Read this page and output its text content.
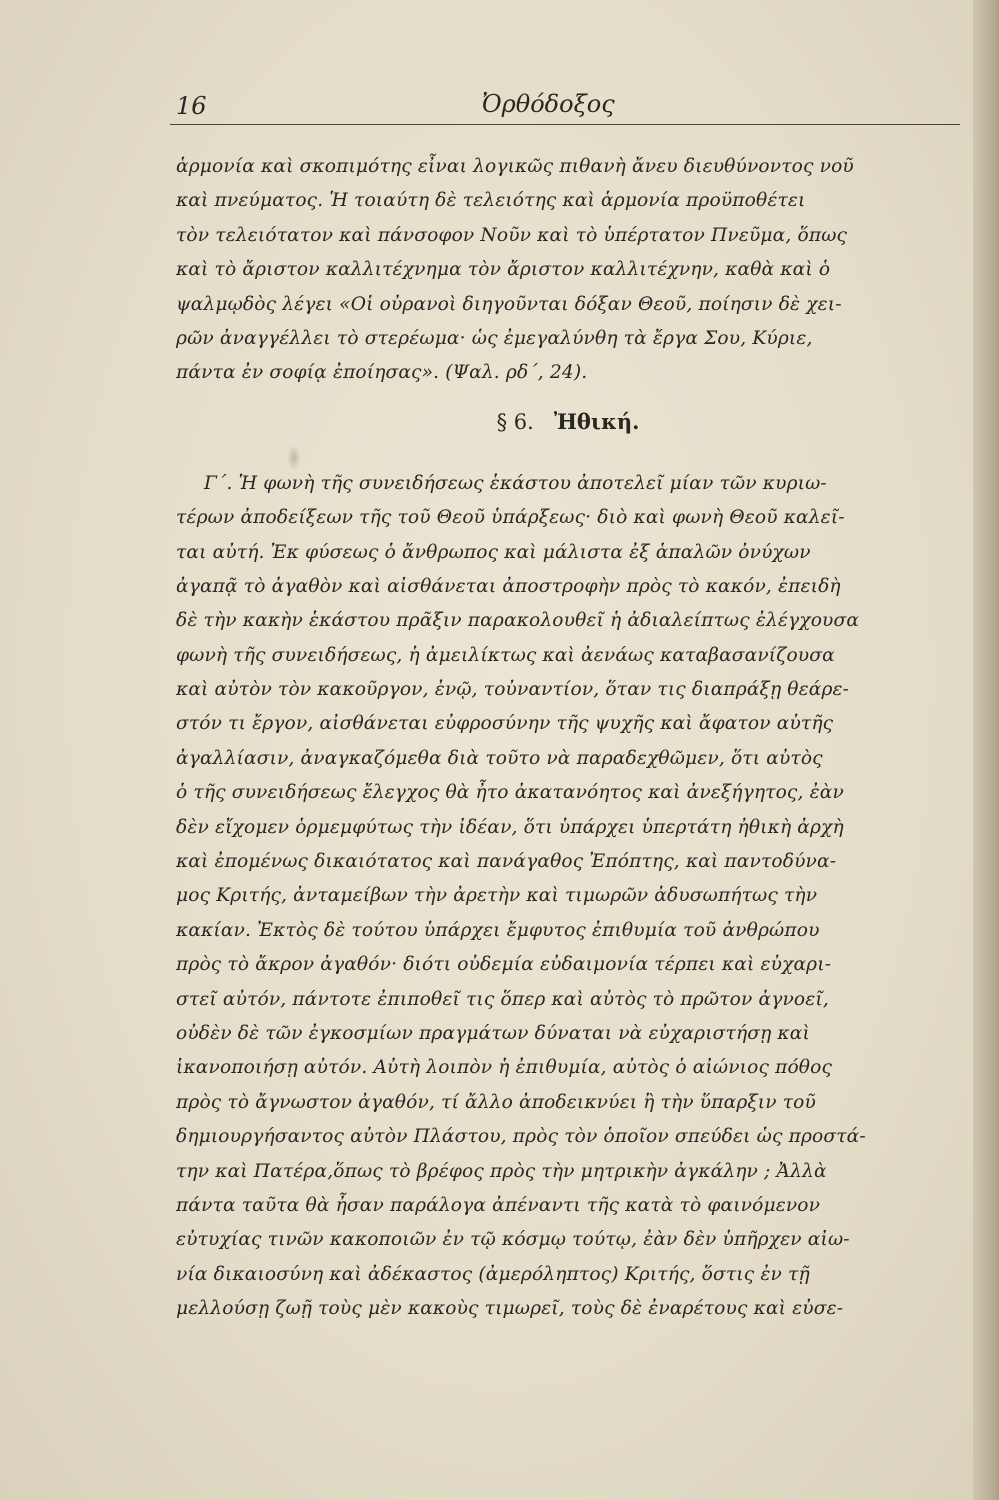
16	Ὀρθόδοξος
ἁρμονία καὶ σκοπιμότης εἶναι λογικῶς πιθανὴ ἄνευ διευθύνοντος νοῦ
καὶ πνεύματος. Ἡ τοιαύτη δὲ τελειότης καὶ ἁρμονία προϋποθέτει
τὸν τελειότατον καὶ πάνσοφον Νοῦν καὶ τὸ ὑπέρτατον Πνεῦμα, ὅπως
καὶ τὸ ἄριστον καλλιτέχνημα τὸν ἄριστον καλλιτέχνην, καθὰ καὶ ὁ
ψαλμῳδὸς λέγει «Οἱ οὐρανοὶ διηγοῦνται δόξαν Θεοῦ, ποίησιν δὲ χει-
ρῶν ἀναγγέλλει τὸ στερέωμα· ὡς ἐμεγαλύνθη τὰ ἔργα Σου, Κύριε,
πάντα ἐν σοφίᾳ ἐποίησας». (Ψαλ. ρδ΄, 24).
§ 6. Ἠθική.
Γ΄. Ἡ φωνὴ τῆς συνειδήσεως ἑκάστου ἀποτελεῖ μίαν τῶν κυριω-
τέρων ἀποδείξεων τῆς τοῦ Θεοῦ ὑπάρξεως· διὸ καὶ φωνὴ Θεοῦ καλεῖ-
ται αὐτή. Ἐκ φύσεως ὁ ἄνθρωπος καὶ μάλιστα ἐξ ἁπαλῶν ὀνύχων
ἀγαπᾷ τὸ ἀγαθὸν καὶ αἰσθάνεται ἀποστροφὴν πρὸς τὸ κακόν, ἐπειδὴ
δὲ τὴν κακὴν ἑκάστου πρᾶξιν παρακολουθεῖ ἡ ἀδιαλείπτως ἐλέγχουσα
φωνὴ τῆς συνειδήσεως, ἡ ἀμειλίκτως καὶ ἀενάως καταβασανίζουσα
καὶ αὐτὸν τὸν κακοῦργον, ἐνῷ, τοὐναντίον, ὅταν τις διαπράξῃ θεάρε-
στόν τι ἔργον, αἰσθάνεται εὐφροσύνην τῆς ψυχῆς καὶ ἄφατον αὐτῆς
ἀγαλλίασιν, ἀναγκαζόμεθα διὰ τοῦτο νὰ παραδεχθῶμεν, ὅτι αὐτὸς
ὁ τῆς συνειδήσεως ἔλεγχος θὰ ἦτο ἀκατανόητος καὶ ἀνεξήγητος, ἐὰν
δὲν εἴχομεν ὁρμεμφύτως τὴν ἰδέαν, ὅτι ὑπάρχει ὑπερτάτη ἠθικὴ ἀρχὴ
καὶ ἐπομένως δικαιότατος καὶ πανάγαθος Ἐπόπτης, καὶ παντοδύνα-
μος Κριτής, ἀνταμείβων τὴν ἀρετὴν καὶ τιμωρῶν ἀδυσωπήτως τὴν
κακίαν. Ἐκτὸς δὲ τούτου ὑπάρχει ἔμφυτος ἐπιθυμία τοῦ ἀνθρώπου
πρὸς τὸ ἄκρον ἀγαθόν· διότι οὐδεμία εὐδαιμονία τέρπει καὶ εὐχαρι-
στεῖ αὐτόν, πάντοτε ἐπιποθεῖ τις ὅπερ καὶ αὐτὸς τὸ πρῶτον ἀγνοεῖ,
οὐδὲν δὲ τῶν ἐγκοσμίων πραγμάτων δύναται νὰ εὐχαριστήσῃ καὶ
ἱκανοποιήσῃ αὐτόν. Αὐτὴ λοιπὸν ἡ ἐπιθυμία, αὐτὸς ὁ αἰώνιος πόθος
πρὸς τὸ ἄγνωστον ἀγαθόν, τί ἄλλο ἀποδεικνύει ἢ τὴν ὕπαρξιν τοῦ
δημιουργήσαντος αὐτὸν Πλάστου, πρὸς τὸν ὁποῖον σπεύδει ὡς προστά-
την καὶ Πατέρα,ὅπως τὸ βρέφος πρὸς τὴν μητρικὴν ἀγκάλην ; Ἀλλὰ
πάντα ταῦτα θὰ ἦσαν παράλογα ἀπέναντι τῆς κατὰ τὸ φαινόμενον
εὐτυχίας τινῶν κακοποιῶν ἐν τῷ κόσμῳ τούτῳ, ἐὰν δὲν ὑπῆρχεν αἰω-
νία δικαιοσύνη καὶ ἀδέκαστος (ἀμερόληπτος) Κριτής, ὅστις ἐν τῇ
μελλούσῃ ζωῇ τοὺς μὲν κακοὺς τιμωρεῖ, τοὺς δὲ ἐναρέτους καὶ εὐσε-
